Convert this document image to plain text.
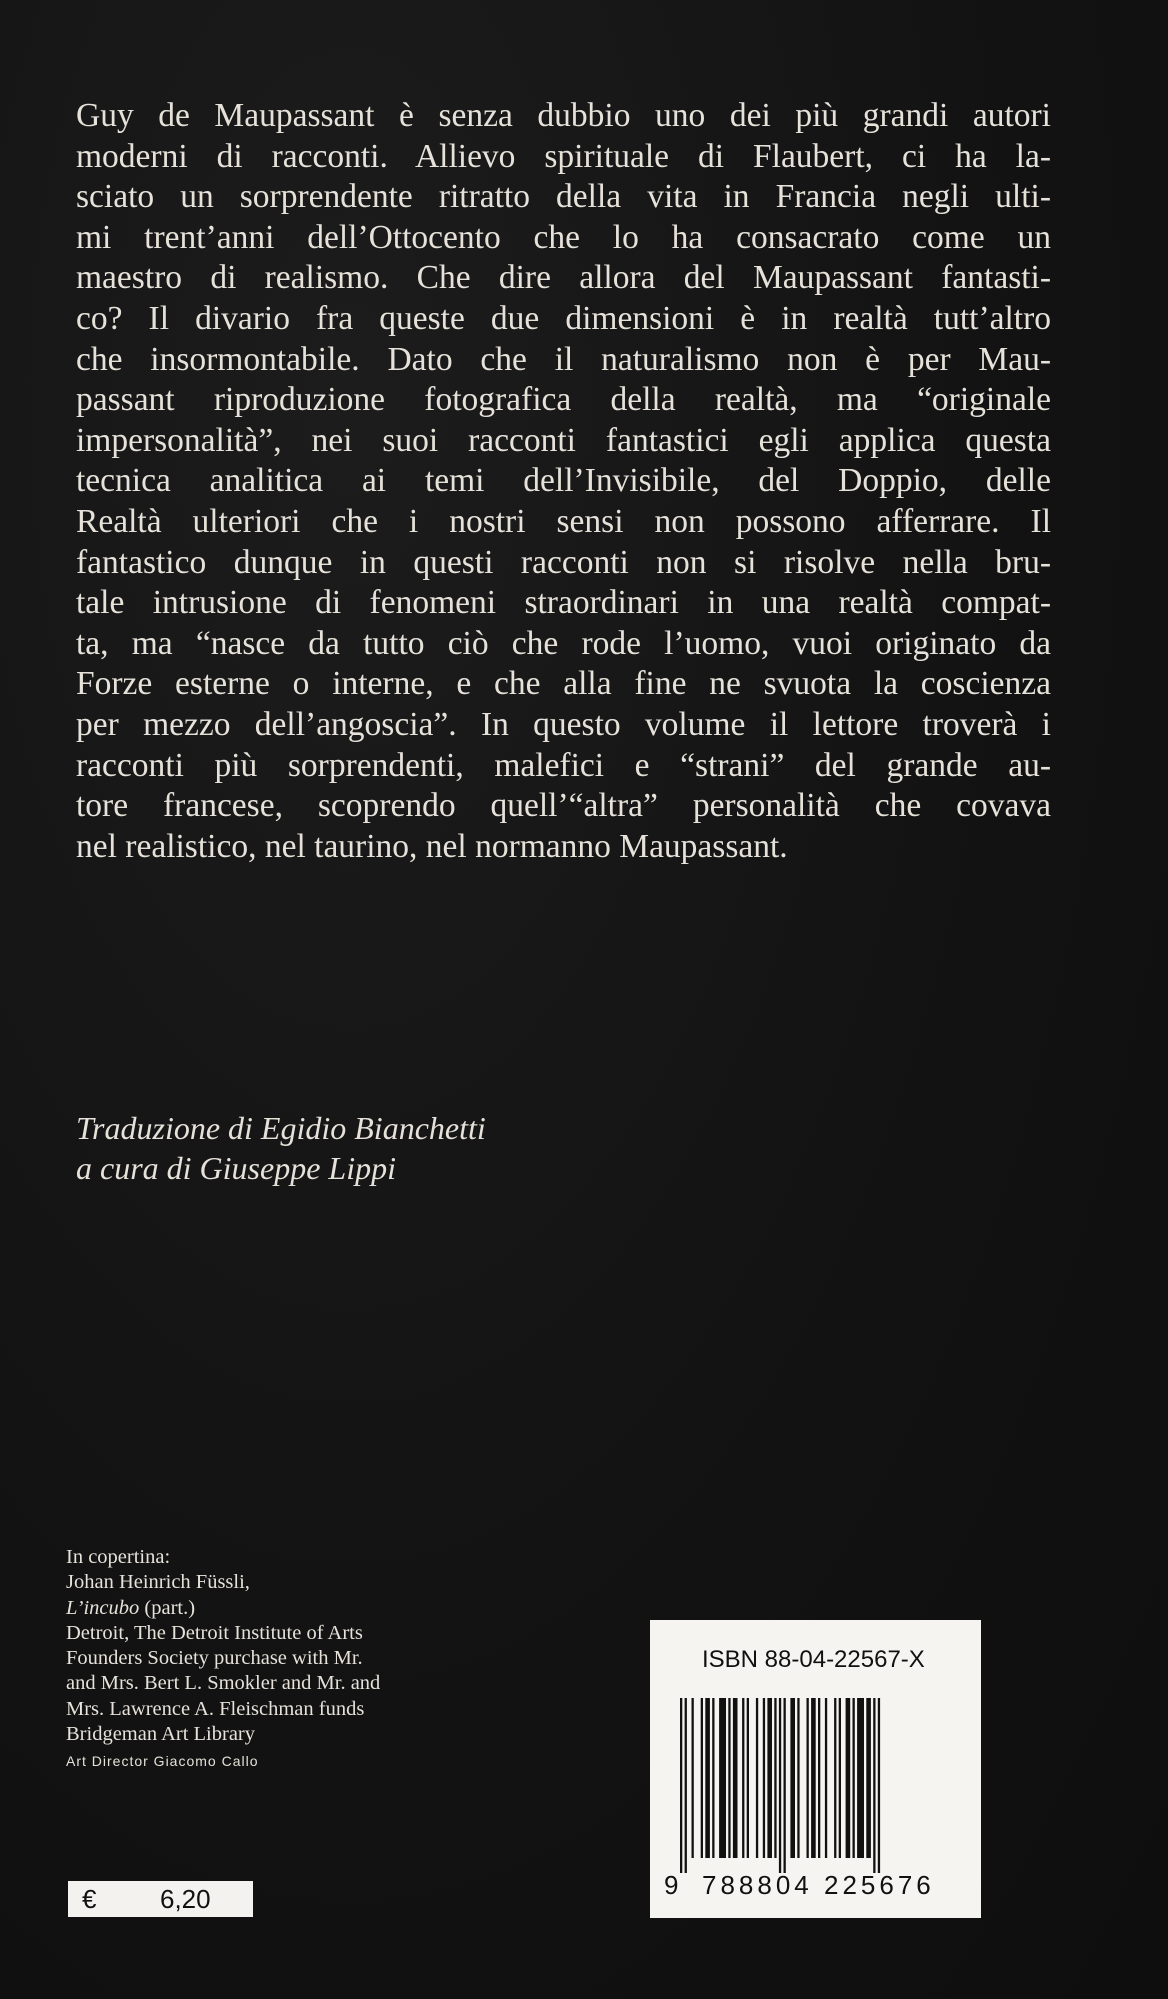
Guy de Maupassant è senza dubbio uno dei più grandi autori
moderni di racconti. Allievo spirituale di Flaubert, ci ha la-
sciato un sorprendente ritratto della vita in Francia negli ulti-
mi trent’anni dell’Ottocento che lo ha consacrato come un
maestro di realismo. Che dire allora del Maupassant fantasti-
co? Il divario fra queste due dimensioni è in realtà tutt’altro
che insormontabile. Dato che il naturalismo non è per Mau-
passant riproduzione fotografica della realtà, ma “originale
impersonalità”, nei suoi racconti fantastici egli applica questa
tecnica analitica ai temi dell’Invisibile, del Doppio, delle
Realtà ulteriori che i nostri sensi non possono afferrare. Il
fantastico dunque in questi racconti non si risolve nella bru-
tale intrusione di fenomeni straordinari in una realtà compat-
ta, ma “nasce da tutto ciò che rode l’uomo, vuoi originato da
Forze esterne o interne, e che alla fine ne svuota la coscienza
per mezzo dell’angoscia”. In questo volume il lettore troverà i
racconti più sorprendenti, malefici e “strani” del grande au-
tore francese, scoprendo quell’“altra” personalità che covava
nel realistico, nel taurino, nel normanno Maupassant.
Traduzione di Egidio Bianchetti
a cura di Giuseppe Lippi
In copertina:
Johan Heinrich Füssli,
L’incubo (part.)
Detroit, The Detroit Institute of Arts
Founders Society purchase with Mr.
and Mrs. Bert L. Smokler and Mr. and
Mrs. Lawrence A. Fleischman funds
Bridgeman Art Library
Art Director Giacomo Callo
€ 6,20
ISBN 88-04-22567-X
9 788804 225676
